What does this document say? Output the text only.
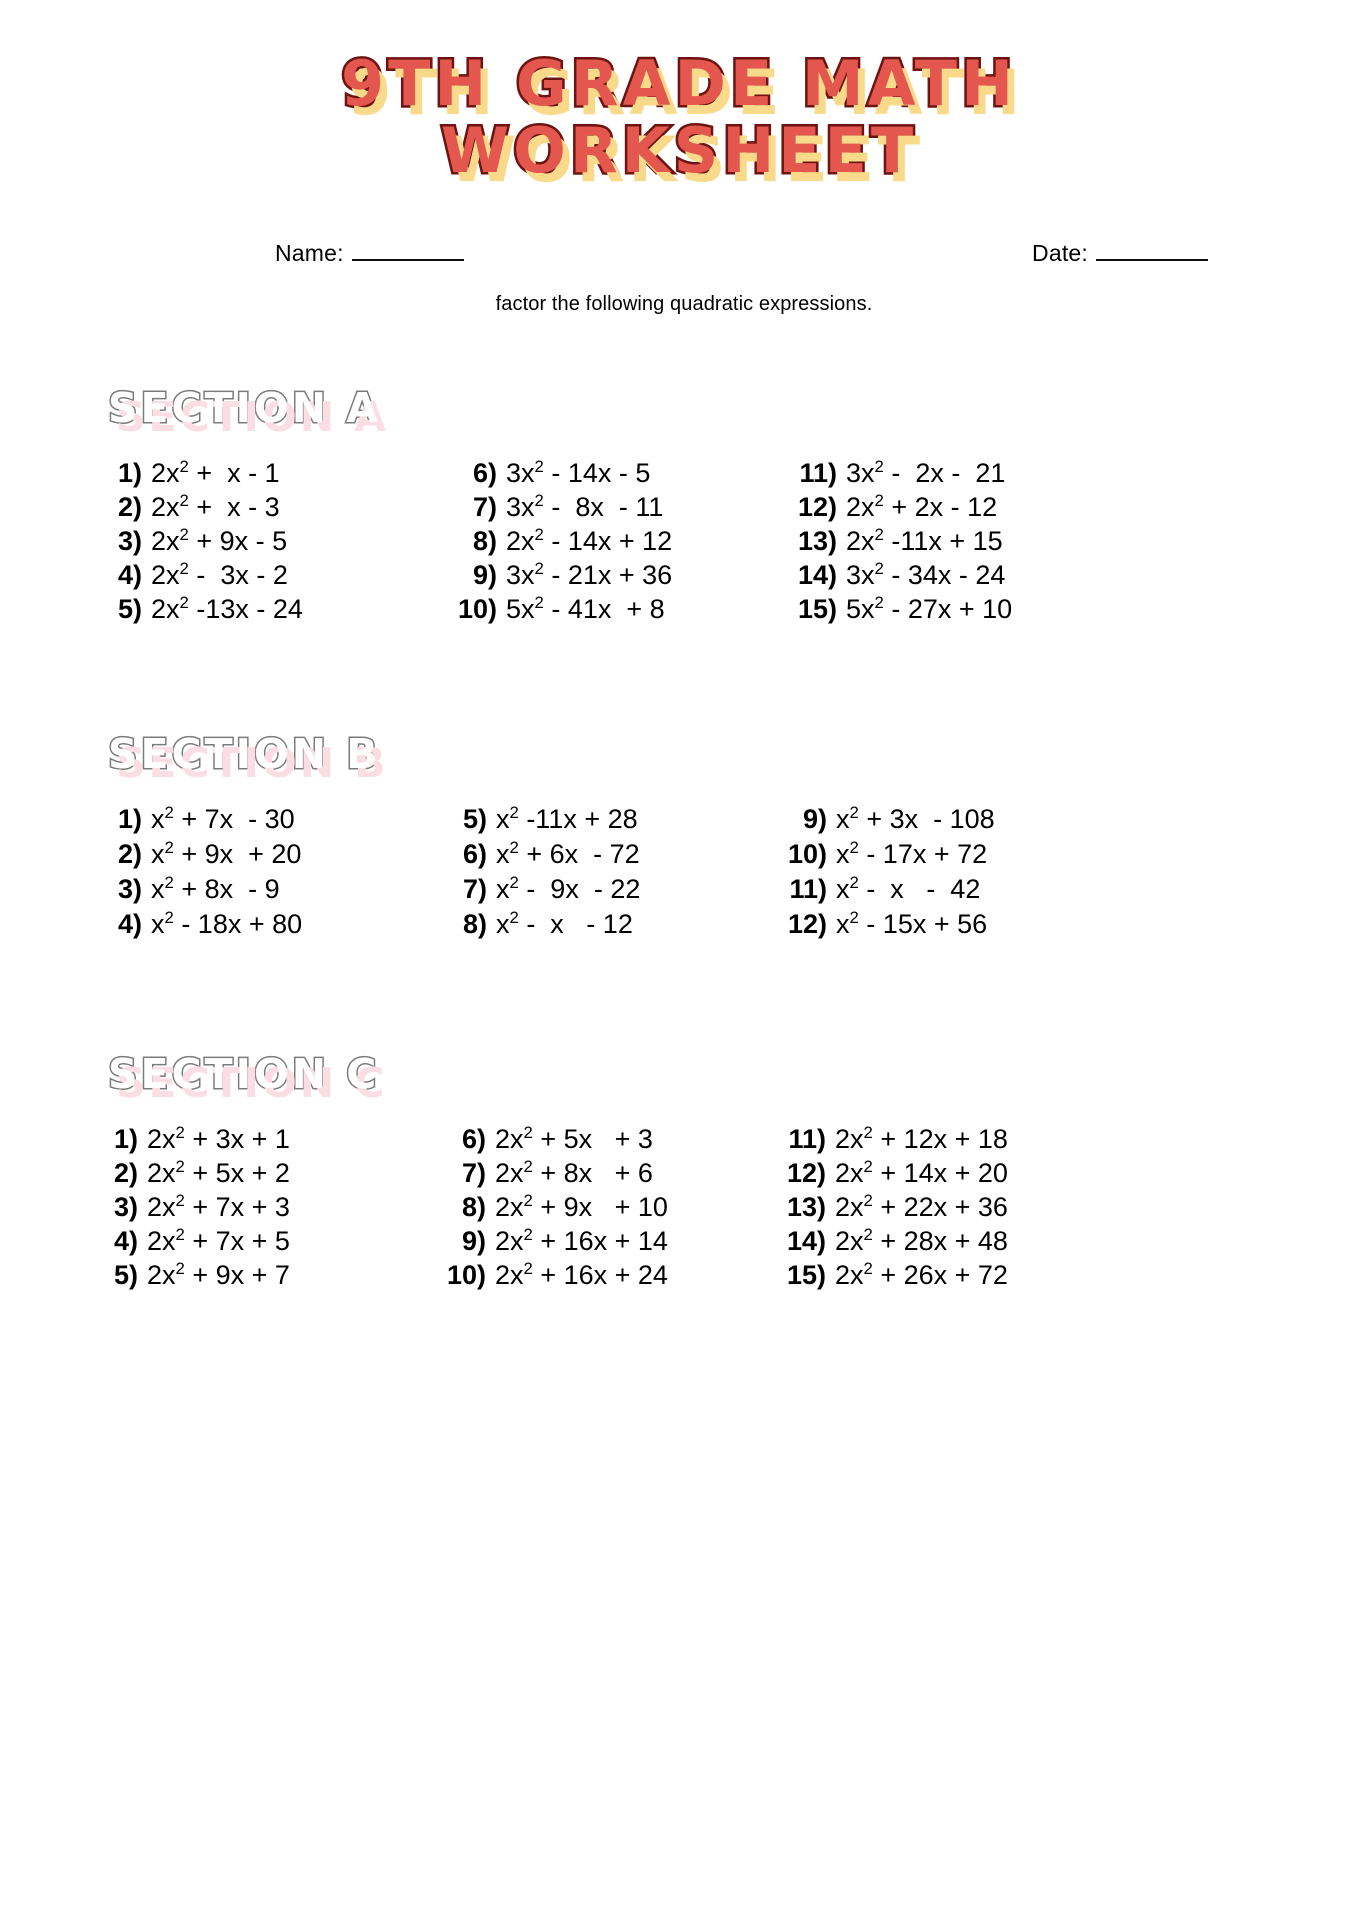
9TH GRADE MATH
WORKSHEET
Name:	Date:
factor the following quadratic expressions.
SECTION A
1) $2x^2 + x - 1$
2) $2x^2 + x - 3$
3) $2x^2 + 9x - 5$
4) $2x^2 - 3x - 2$
5) $2x^2$ -13x - 24
6) $3x^2 - 14x - 5$
7) $3x^2 - 8x - 11$
8) $2x^2 - 14x + 12$
9) $3x^2 - 21x + 36$
10) $5x^2 - 41x + 8$
11) $3x^2 - 2x - 21$
12) $2x^2 + 2x - 12$
13) $2x^2$ -11x + 15
14) $3x^2 - 34x - 24$
15) $5x^2 - 27x + 10$
SECTION B
1) $x^2 + 7x - 30$
2) $x^2 + 9x + 20$
3) $x^2 + 8x - 9$
4) $x^2 - 18x + 80$
5) $x^2$ -11x + 28
6) $x^2 + 6x - 72$
7) $x^2 - 9x - 22$
8) $x^2$ -  x   - 12
9) $x^2 + 3x - 108$
10) $x^2 - 17x + 72$
11) $x^2$ -  x   -  42
12) $x^2 - 15x + 56$
SECTION C
1) $2x^2 + 3x + 1$
2) $2x^2 + 5x + 2$
3) $2x^2 + 7x + 3$
4) $2x^2 + 7x + 5$
5) $2x^2 + 9x + 7$
6) $2x^2 + 5x + 3$
7) $2x^2 + 8x + 6$
8) $2x^2 + 9x + 10$
9) $2x^2 + 16x + 14$
10) $2x^2 + 16x + 24$
11) $2x^2 + 12x + 18$
12) $2x^2 + 14x + 20$
13) $2x^2 + 22x + 36$
14) $2x^2 + 28x + 48$
15) $2x^2 + 26x + 72$
